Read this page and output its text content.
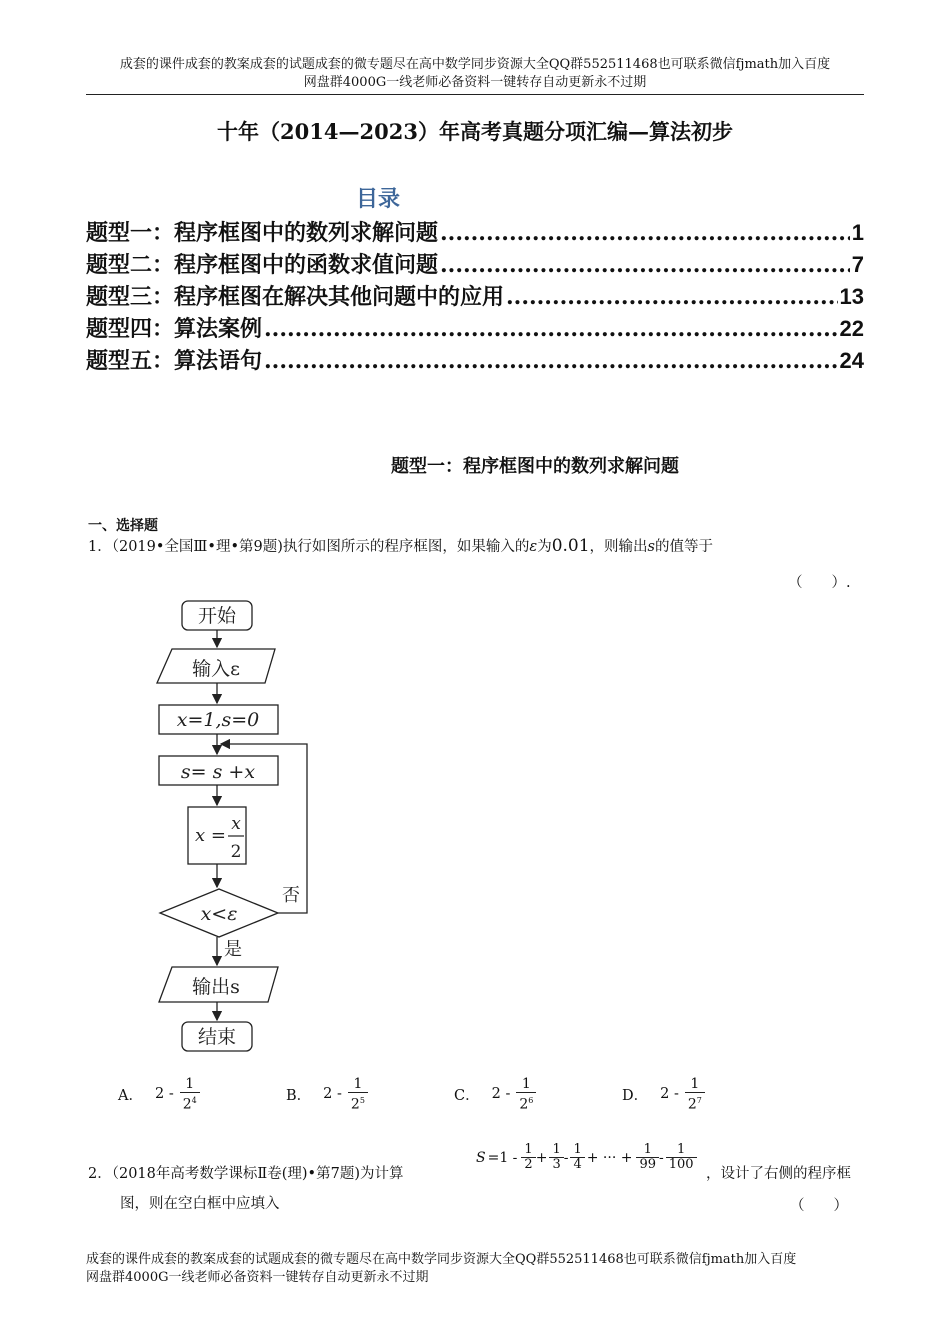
成套的课件成套的教案成套的试题成套的微专题尽在高中数学同步资源大全QQ群552511468也可联系微信fjmath加入百度
网盘群4000G一线老师必备资料一键转存自动更新永不过期
十年（2014—2023）年高考真题分项汇编—算法初步
目录
题型一：程序框图中的数列求解问题 .....	1
题型二：程序框图中的函数求值问题 .....	7
题型三：程序框图在解决其他问题中的应用 .....	13
题型四：算法案例 .....	22
题型五：算法语句 .....	24
题型一：程序框图中的数列求解问题
一、选择题
1．（2019•全国Ⅲ•理•第9题)执行如图所示的程序框图，如果输入的ε为0.01，则输出s的值等于
（　　）.
开始
输入ε
x=1,s=0
s= s +x
x =
x
2
x<ε
否
是
输出s
结束
A． $2 - \frac{1}{2^4}$	B． $2 - \frac{1}{2^5}$	C． $2 - \frac{1}{2^6}$	D． $2 - \frac{1}{2^7}$
2．（2018年高考数学课标Ⅱ卷(理)•第7题)为计算
$S =1 - \frac{1}{2} + \frac{1}{3} - \frac{1}{4}$ + ··· + $\frac{1}{99} - \frac{1}{100}$
，设计了右侧的程序框
图，则在空白框中应填入	（　　）
成套的课件成套的教案成套的试题成套的微专题尽在高中数学同步资源大全QQ群552511468也可联系微信fjmath加入百度
网盘群4000G一线老师必备资料一键转存自动更新永不过期
